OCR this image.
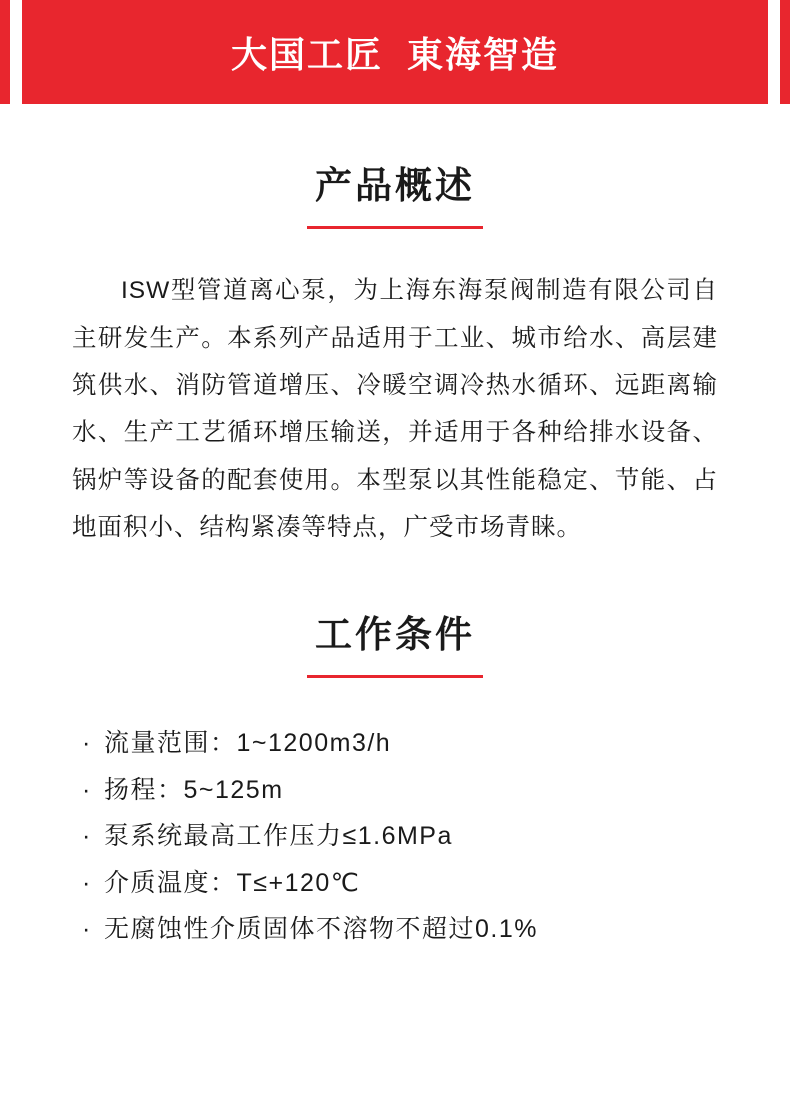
大国工匠  東海智造
产品概述
ISW型管道离心泵，为上海东海泵阀制造有限公司自主研发生产。本系列产品适用于工业、城市给水、高层建筑供水、消防管道增压、冷暖空调冷热水循环、远距离输水、生产工艺循环增压输送，并适用于各种给排水设备、锅炉等设备的配套使用。本型泵以其性能稳定、节能、占地面积小、结构紧凑等特点，广受市场青睐。
工作条件
· 流量范围：1~1200m3/h
· 扬程：5~125m
· 泵系统最高工作压力≤1.6MPa
· 介质温度：T≤+120℃
· 无腐蚀性介质固体不溶物不超过0.1%
